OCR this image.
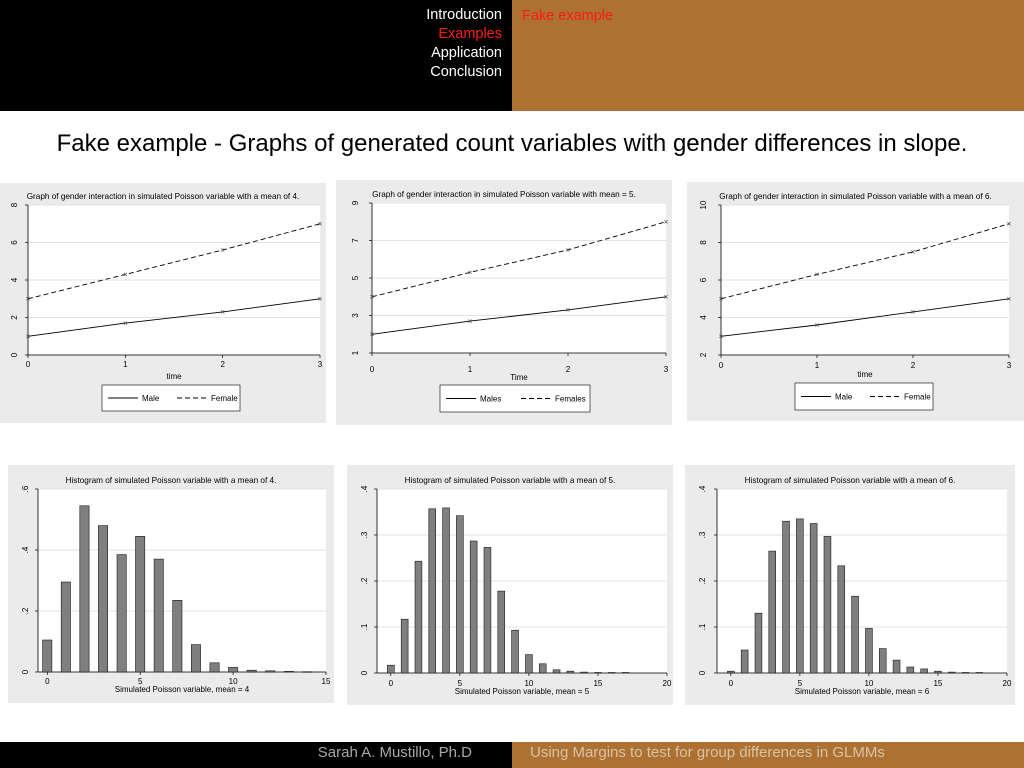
Introduction
Examples
Application
Conclusion
Fake example
Fake example - Graphs of generated count variables with gender differences in slope.
Graph of gender interaction in simulated Poisson variable with a mean of 4.
0
2
4
6
8
0	1	2	3
time
Male	Female
Graph of gender interaction in simulated Poisson variable with mean = 5.
1
3
5
7
9
0	1	2	3
Time
Males	Females
Graph of gender interaction in simulated Poisson variable with a mean of 6.
2
4
6
8
10
0	1	2	3
time
Male	Female
Histogram of simulated Poisson variable with a mean of 4.
0
.2
.4
.6
0	5	10	15
Simulated Poisson variable, mean = 4
Histogram of simulated Poisson variable with a mean of 5.
0
.1
.2
.3
.4
0	5	10	15	20
Simulated Poisson variable, mean = 5
Histogram of simulated Poisson variable with a mean of 6.
0
.1
.2
.3
.4
0	5	10	15	20
Simulated Poisson variable, mean = 6
Sarah A. Mustillo, Ph.D	Using Margins to test for group differences in GLMMs
